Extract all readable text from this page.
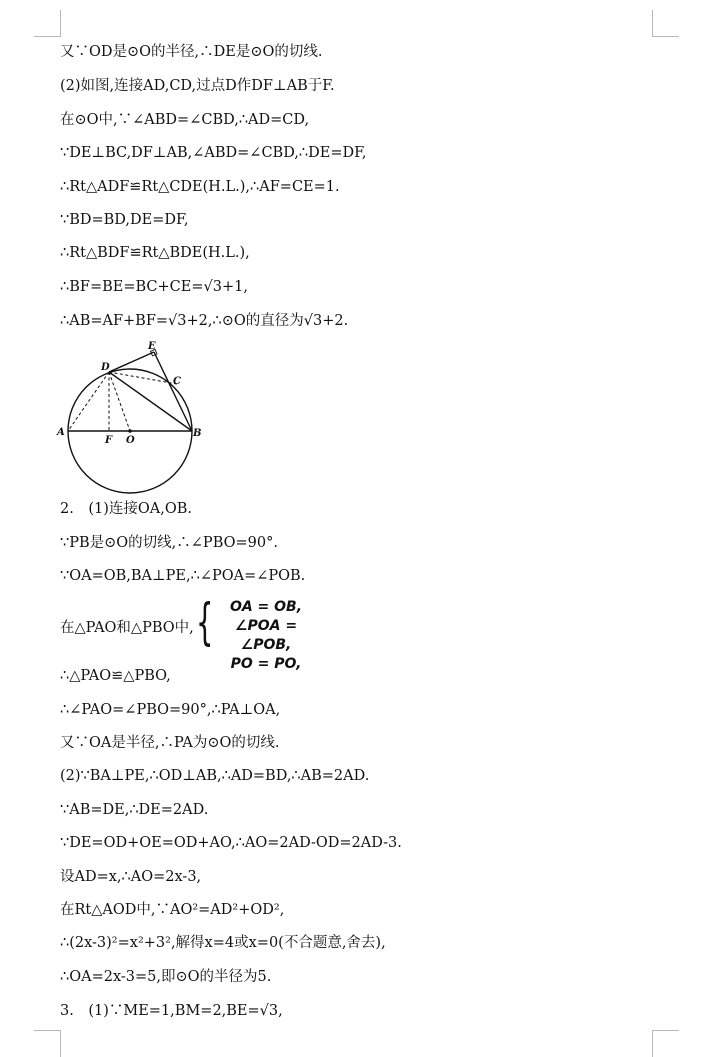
又∵OD是⊙O的半径,∴DE是⊙O的切线.
(2)如图,连接AD,CD,过点D作DF⊥AB于F.
在⊙O中,∵∠ABD=∠CBD,∴AD=CD,
∵DE⊥BC,DF⊥AB,∠ABD=∠CBD,∴DE=DF,
∴Rt△ADF≌Rt△CDE(H.L.),∴AF=CE=1.
∵BD=BD,DE=DF,
∴Rt△BDF≌Rt△BDE(H.L.),
∴BF=BE=BC+CE=√3+1,
∴AB=AF+BF=√3+2,∴⊙O的直径为√3+2.
A	B
C
D
E
F O
2.　(1)连接OA,OB.
∵PB是⊙O的切线,∴∠PBO=90°.
∵OA=OB,BA⊥PE,∴∠POA=∠POB.
在△PAO和△PBO中, {	OA = OB,
∠POA = ∠POB,
PO = PO,
∴△PAO≌△PBO,
∴∠PAO=∠PBO=90°,∴PA⊥OA,
又∵OA是半径,∴PA为⊙O的切线.
(2)∵BA⊥PE,∴OD⊥AB,∴AD=BD,∴AB=2AD.
∵AB=DE,∴DE=2AD.
∵DE=OD+OE=OD+AO,∴AO=2AD-OD=2AD-3.
设AD=x,∴AO=2x-3,
在Rt△AOD中,∵AO²=AD²+OD²,
∴(2x-3)²=x²+3²,解得x=4或x=0(不合题意,舍去),
∴OA=2x-3=5,即⊙O的半径为5.
3.　(1)∵ME=1,BM=2,BE=√3,
